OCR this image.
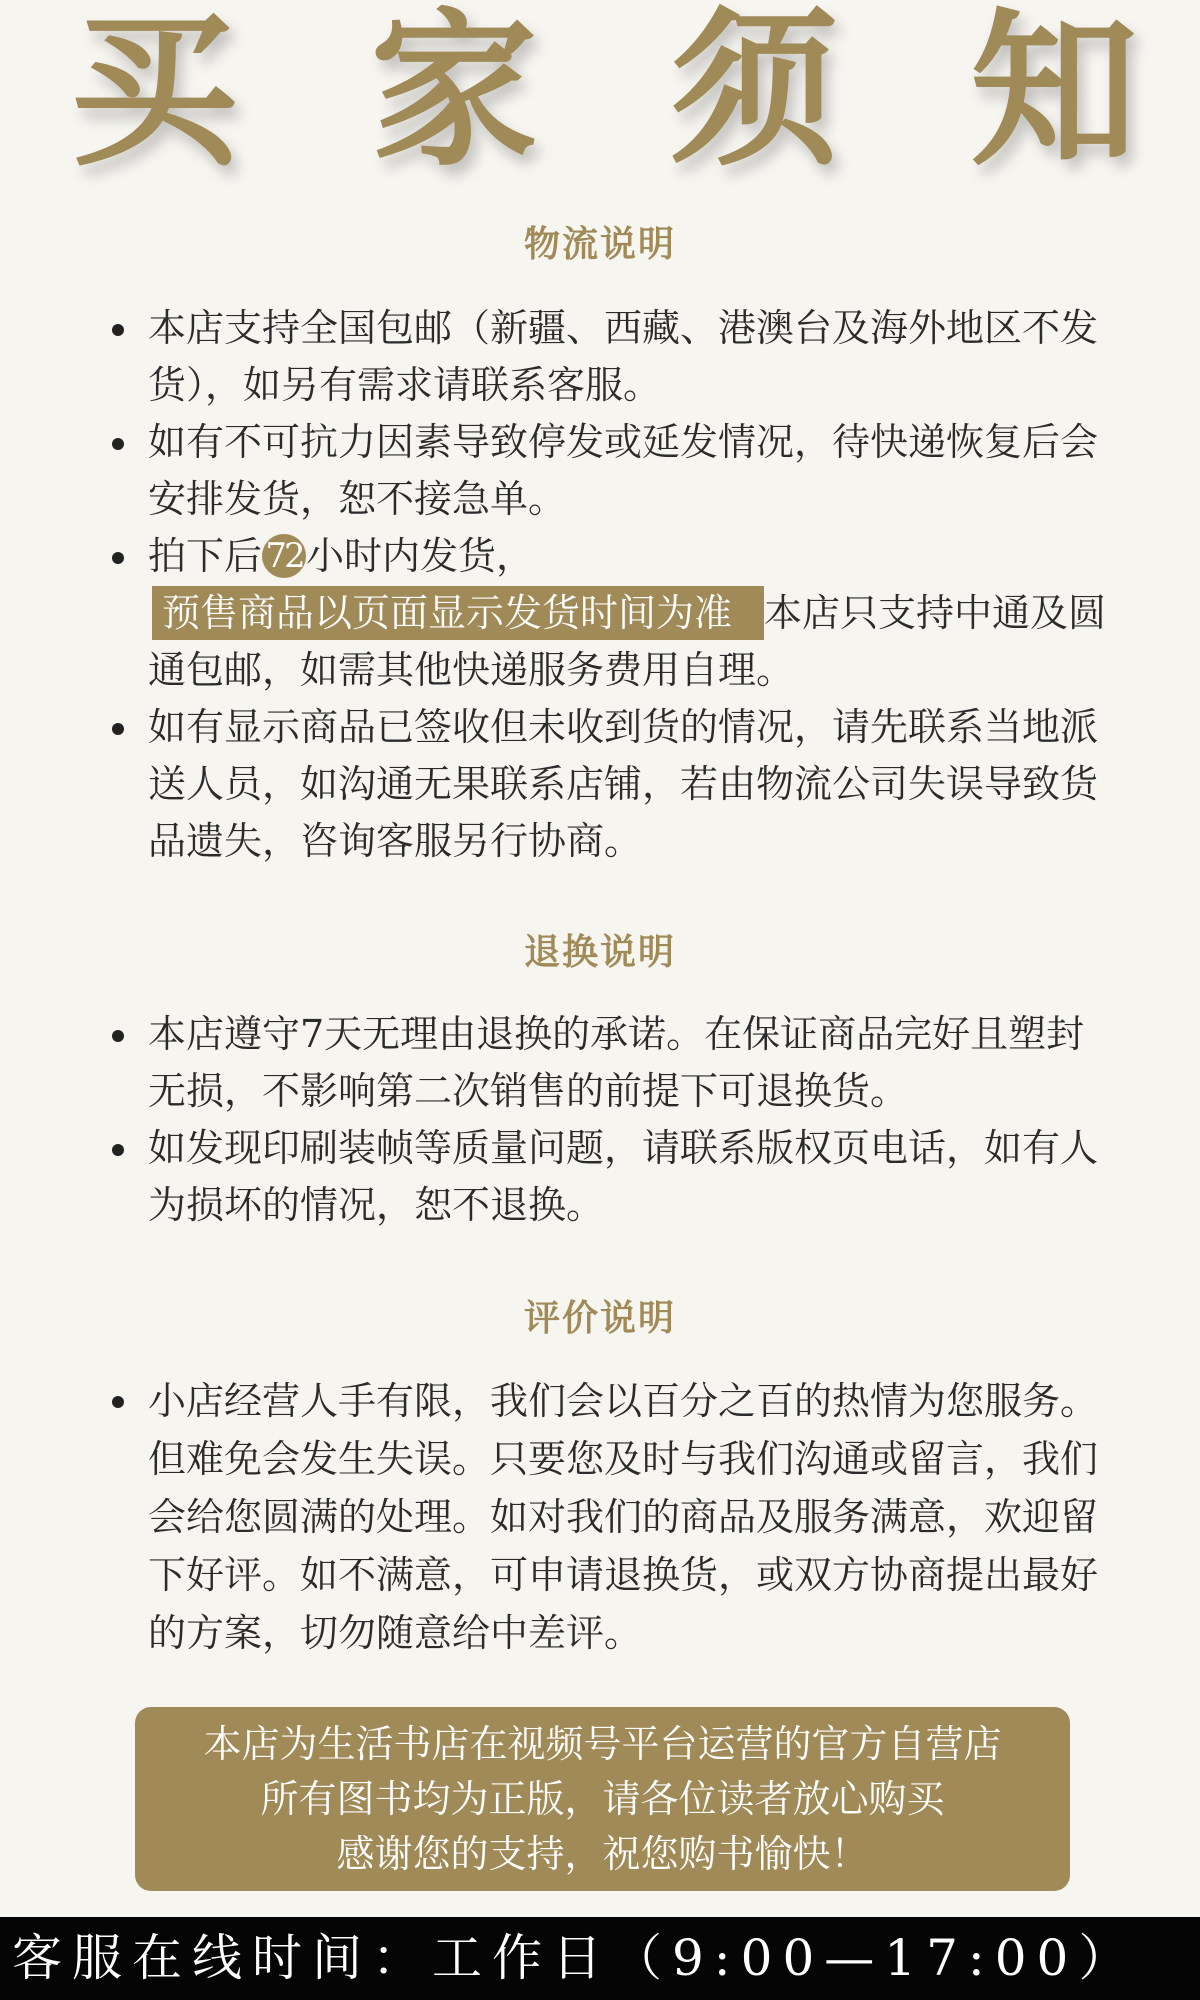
买 家 须 知
物流说明
本店支持全国包邮（新疆、西藏、港澳台及海外地区不发货），如另有需求请联系客服。
如有不可抗力因素导致停发或延发情况，待快递恢复后会安排发货，恕不接急单。
拍下后72小时内发货，预售商品以页面显示发货时间为准 本店只支持中通及圆通包邮，如需其他快递服务费用自理。
如有显示商品已签收但未收到货的情况，请先联系当地派送人员，如沟通无果联系店铺，若由物流公司失误导致货品遗失，咨询客服另行协商。
退换说明
本店遵守7天无理由退换的承诺。在保证商品完好且塑封无损，不影响第二次销售的前提下可退换货。
如发现印刷装帧等质量问题，请联系版权页电话，如有人为损坏的情况，恕不退换。
评价说明
小店经营人手有限，我们会以百分之百的热情为您服务。但难免会发生失误。只要您及时与我们沟通或留言，我们会给您圆满的处理。如对我们的商品及服务满意，欢迎留下好评。如不满意，可申请退换货，或双方协商提出最好的方案，切勿随意给中差评。

本店为生活书店在视频号平台运营的官方自营店

所有图书均为正版，请各位读者放心购买

感谢您的支持，祝您购书愉快！

客服在线时间：工作日（9:00—17:00）
